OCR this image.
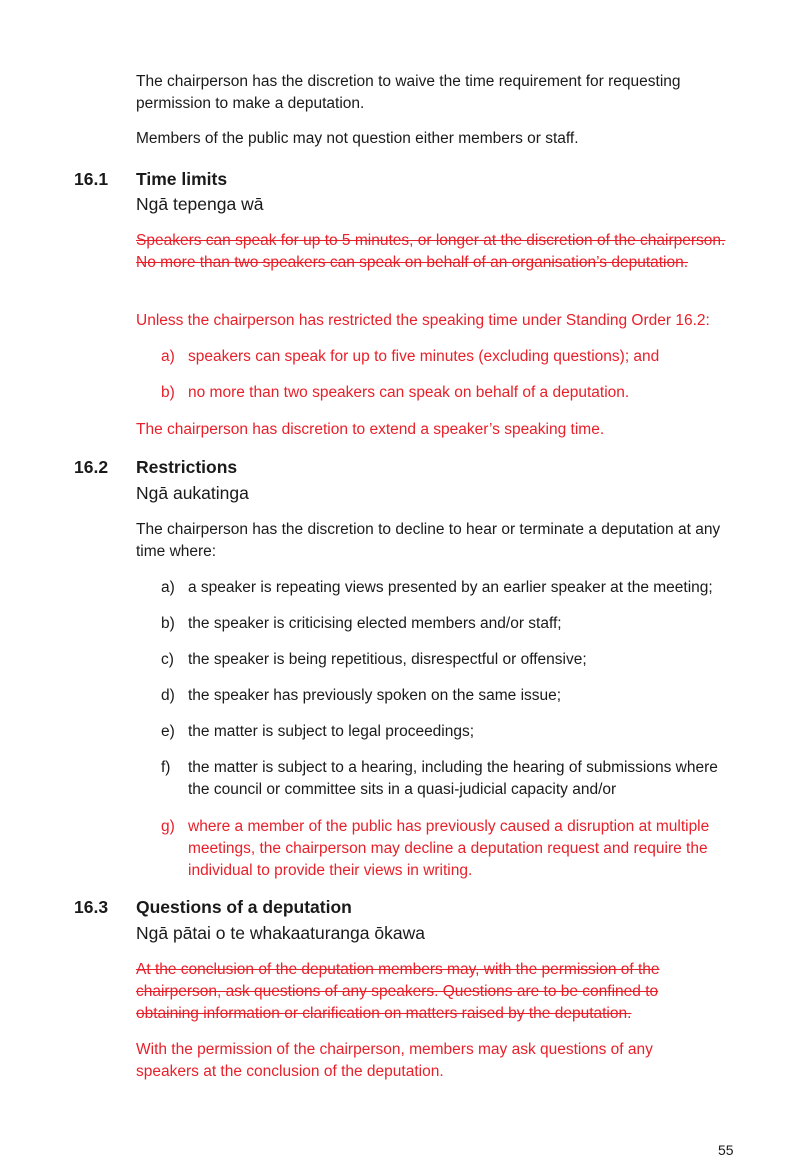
The chairperson has the discretion to waive the time requirement for requesting permission to make a deputation.

Members of the public may not question either members or staff.

16.1 Time limits
Ngā tepenga wā

Speakers can speak for up to 5 minutes, or longer at the discretion of the chairperson. No more than two speakers can speak on behalf of an organisation’s deputation.

Unless the chairperson has restricted the speaking time under Standing Order 16.2:

a) speakers can speak for up to five minutes (excluding questions); and
b) no more than two speakers can speak on behalf of a deputation.

The chairperson has discretion to extend a speaker’s speaking time.

16.2 Restrictions
Ngā aukatinga

The chairperson has the discretion to decline to hear or terminate a deputation at any time where:

a) a speaker is repeating views presented by an earlier speaker at the meeting;
b) the speaker is criticising elected members and/or staff;
c) the speaker is being repetitious, disrespectful or offensive;
d) the speaker has previously spoken on the same issue;
e) the matter is subject to legal proceedings;
f)	the matter is subject to a hearing, including the hearing of submissions where the council or committee sits in a quasi-judicial capacity and/or
g) where a member of the public has previously caused a disruption at multiple meetings, the chairperson may decline a deputation request and require the individual to provide their views in writing.
16.3 Questions of a deputation
Ngā pātai o te whakaaturanga ōkawa

At the conclusion of the deputation members may, with the permission of the chairperson, ask questions of any speakers. Questions are to be confined to obtaining information or clarification on matters raised by the deputation.

With the permission of the chairperson, members may ask questions of any speakers at the conclusion of the deputation.

55
